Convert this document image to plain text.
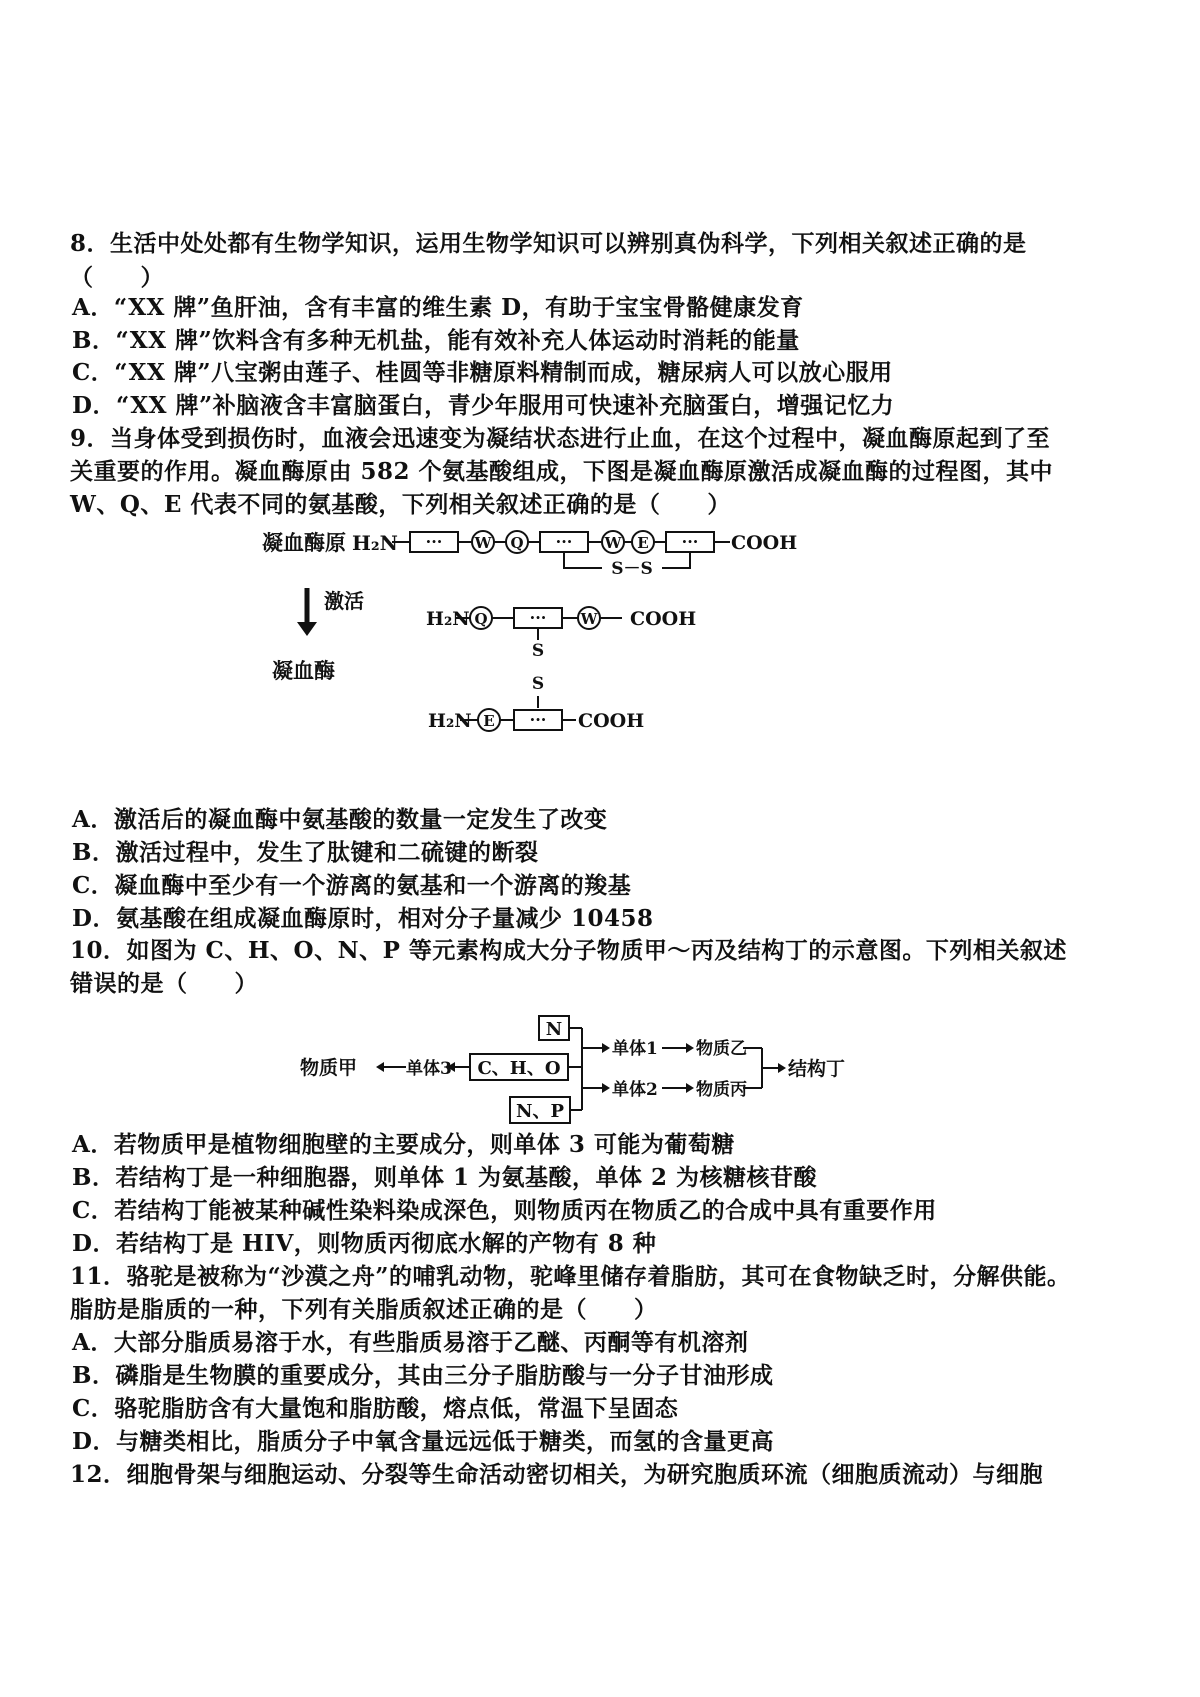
8．生活中处处都有生物学知识，运用生物学知识可以辨别真伪科学，下列相关叙述正确的是
（　　）
A．“XX 牌”鱼肝油，含有丰富的维生素 D，有助于宝宝骨骼健康发育
B．“XX 牌”饮料含有多种无机盐，能有效补充人体运动时消耗的能量
C．“XX 牌”八宝粥由莲子、桂圆等非糖原料精制而成，糖尿病人可以放心服用
D．“XX 牌”补脑液含丰富脑蛋白，青少年服用可快速补充脑蛋白，增强记忆力
9．当身体受到损伤时，血液会迅速变为凝结状态进行止血，在这个过程中，凝血酶原起到了至
关重要的作用。凝血酶原由 582 个氨基酸组成，下图是凝血酶原激活成凝血酶的过程图，其中
W、Q、E 代表不同的氨基酸，下列相关叙述正确的是（　　）
凝血酶原 H₂N ··· W Q ··· W E ··· COOH
S－S
激活
凝血酶
H₂N Q	··· W COOH
S
S
H₂N E ··· COOH
A．激活后的凝血酶中氨基酸的数量一定发生了改变
B．激活过程中，发生了肽键和二硫键的断裂
C．凝血酶中至少有一个游离的氨基和一个游离的羧基
D．氨基酸在组成凝血酶原时，相对分子量减少 10458
10．如图为 C、H、O、N、P 等元素构成大分子物质甲～丙及结构丁的示意图。下列相关叙述
错误的是（　　）
物质甲	单体3 C、H、O
N
N、P
单体1
单体2
物质乙
物质丙
结构丁
A．若物质甲是植物细胞壁的主要成分，则单体 3 可能为葡萄糖
B．若结构丁是一种细胞器，则单体 1 为氨基酸，单体 2 为核糖核苷酸
C．若结构丁能被某种碱性染料染成深色，则物质丙在物质乙的合成中具有重要作用
D．若结构丁是 HIV，则物质丙彻底水解的产物有 8 种
11．骆驼是被称为“沙漠之舟”的哺乳动物，驼峰里储存着脂肪，其可在食物缺乏时，分解供能。
脂肪是脂质的一种，下列有关脂质叙述正确的是（　　）
A．大部分脂质易溶于水，有些脂质易溶于乙醚、丙酮等有机溶剂
B．磷脂是生物膜的重要成分，其由三分子脂肪酸与一分子甘油形成
C．骆驼脂肪含有大量饱和脂肪酸，熔点低，常温下呈固态
D．与糖类相比，脂质分子中氧含量远远低于糖类，而氢的含量更高
12．细胞骨架与细胞运动、分裂等生命活动密切相关，为研究胞质环流（细胞质流动）与细胞
